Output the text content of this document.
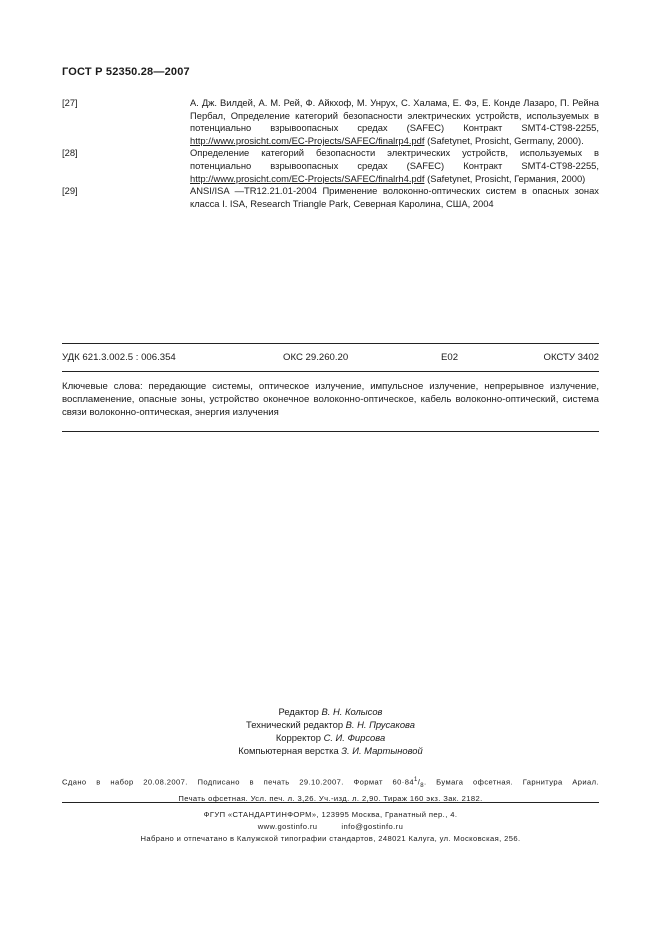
ГОСТ Р 52350.28—2007
[27]	А. Дж. Вилдей, А. М. Рей, Ф. Айкхоф, М. Унрух, С. Халама, Е. Фэ, Е. Конде Лазаро, П. Рейна Пербал, Определение категорий безопасности электрических устройств, используемых в потенциально взрывоопасных средах (SAFEC) Контракт SMT4-CT98-2255, http://www.prosicht.com/EC-Projects/SAFEC/finalrp4.pdf (Safetynet, Prosicht, Germany, 2000).
[28]	Определение категорий безопасности электрических устройств, используемых в потенциально взрывоопасных средах (SAFEC) Контракт SMT4-CT98-2255, http://www.prosicht.com/EC-Projects/SAFEC/finalrh4.pdf (Safetynet, Prosicht, Германия, 2000)
[29]	ANSI/ISA —TR12.21.01-2004 Применение волоконно-оптических систем в опасных зонах класса I. ISA, Research Triangle Park, Северная Каролина, США, 2004
УДК 621.3.002.5 : 006.354	ОКС 29.260.20	Е02	ОКСТУ 3402
Ключевые слова: передающие системы, оптическое излучение, импульсное излучение, непрерывное излучение, воспламенение, опасные зоны, устройство оконечное волоконно-оптическое, кабель волоконно-оптический, система связи волоконно-оптическая, энергия излучения
Редактор В. Н. Колысов
Технический редактор В. Н. Прусакова
Корректор С. И. Фирсова
Компьютерная верстка З. И. Мартыновой
Сдано в набор 20.08.2007. Подписано в печать 29.10.2007. Формат $60\cdot 84^1/_8$. Бумага офсетная. Гарнитура Ариал.
Печать офсетная. Усл. печ. л. 3,26. Уч.-изд. л. 2,90. Тираж 160 экз. Зак. 2182.
ФГУП «СТАНДАРТИНФОРМ», 123995 Москва, Гранатный пер., 4.
www.gostinfo.ru	info@gostinfo.ru
Набрано и отпечатано в Калужской типографии стандартов, 248021 Калуга, ул. Московская, 256.
